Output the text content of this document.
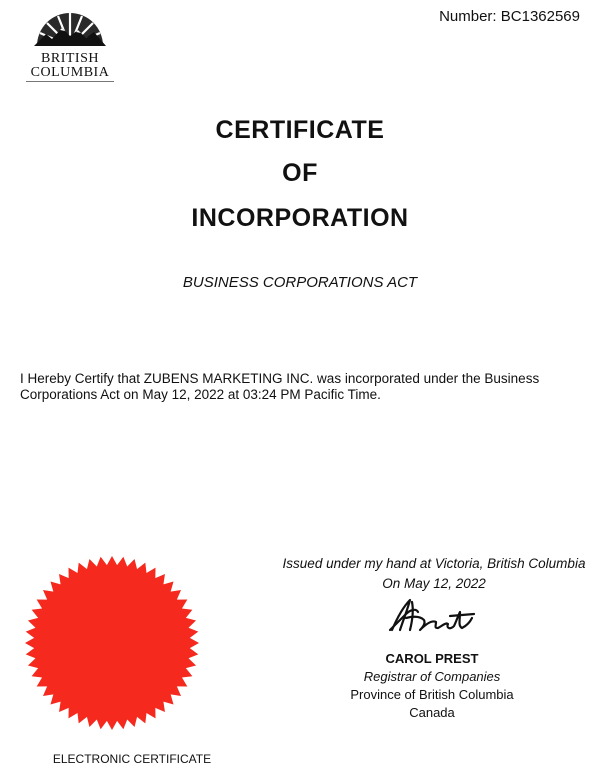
BRITISH
COLUMBIA
Number: BC1362569
CERTIFICATE
OF
INCORPORATION
BUSINESS CORPORATIONS ACT
I Hereby Certify that ZUBENS MARKETING INC. was incorporated under the Business
Corporations Act on May 12, 2022 at 03:24 PM Pacific Time.
ELECTRONIC CERTIFICATE
Issued under my hand at Victoria, British Columbia
On May 12, 2022
CAROL PREST
Registrar of Companies
Province of British Columbia
Canada
